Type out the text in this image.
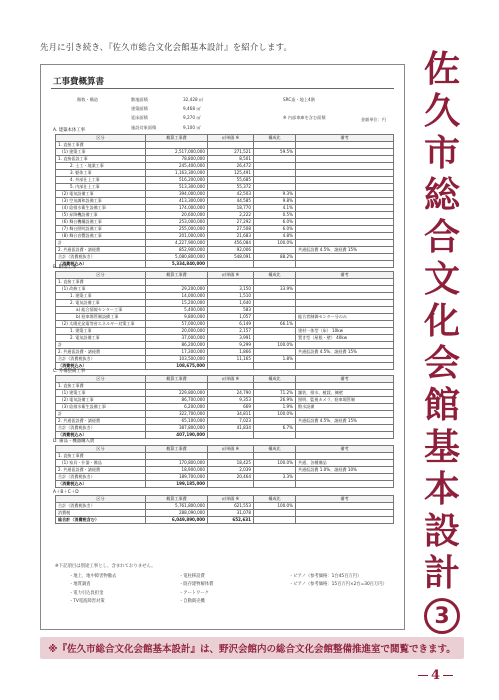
先月に引き続き、『佐久市総合文化会館基本設計』を紹介します。
佐
久
市
総
合
文
化
会
館
基
本
設
計
3
工事費概算書
階数・構造	敷地面積	32,428 ㎡	SRC造・地上4階
建築面積	9,468 ㎡
延床面積	9,270 ㎡	※ 内部車庫を含む面積
施設対象面積	9,100 ㎡
金額単位：円
※下記項目は別途工事とし、含まれておりません。
・地上、地中障害物撤去	・電柱移設費	・ピアノ（参考価格：1台45百万円）
・地質調査	・既存建物解体費	・ピアノ（参考価格：15百万円×2台=30百万円）
・電力引込負担金	・アートワーク
・TV電波障害対策	・自動販売機
A. 建築本体工事
区分	概算工事費	㎡単価 ※	構成比	備考
1. 直接工事費				
(1) 建築工事	2,517,000,000	271,521	59.5%	
1. 直接仮設工事	78,800,000	8,501		
2. 土工・地業工事	245,400,000	26,472		
3. 躯体工事	1,163,300,000	125,491		
4. 外部仕上工事	516,200,000	55,685		
5. 内部仕上工事	513,300,000	55,372		
(2) 電気設備工事	394,000,000	42,503	9.3%	
(3) 空気調和設備工事	413,300,000	44,585	9.8%	
(4) 給排水衛生設備工事	174,000,000	18,770	4.1%	
(5) 昇降機設備工事	20,600,000	2,222	0.5%	
(6) 舞台機構設備工事	253,000,000	27,292	6.0%	
(7) 舞台照明設備工事	255,000,000	27,508	6.0%	
(8) 舞台音響設備工事	201,000,000	21,683	4.8%	
計	4,227,900,000	456,084	100.0%	
2. 共通仮設費・諸経費	852,900,000	92,006		共通仮設費 4.5%、諸経費 15%
合計（消費税抜き）	5,080,800,000	548,091	88.2%	
（消費税込み）	5,334,840,000			
B. 附帯工事
区分	概算工事費	㎡単価 ※	構成比	備考
1. 直接工事費				
(1) 改修工事	29,200,000	3,150	33.9%	
1. 建築工事	14,000,000	1,510		
2. 電気設備工事	15,200,000	1,640		
a) 総合情報センター工事	5,400,000	583		
b) 駐車場管制設備工事	9,800,000	1,057		総合者制御センター分のみ
(2) 太陽光発電等省エネルギー対策工事	57,000,000	6,149	66.1%	
1. 建築工事	20,000,000	2,157		建材一体型（床） 10kw
2. 電気設備工事	37,000,000	3,991		置き型（屋根・壁） 40kw
計	86,200,000	9,299	100.0%	
2. 共通仮設費・諸経費	17,300,000	1,866		共通仮設費 4.5%、諸経費 15%
合計（消費税抜き）	103,500,000	11,165	1.8%	
（消費税込み）	108,675,000			
C. 外構整備工事
区分	概算工事費	㎡単価 ※	構成比	備考
1. 直接工事費				
(1) 建築工事	229,800,000	24,790	71.2%	舗装、排水、植栽、擁壁
(2) 電気設備工事	86,700,000	9,353	26.9%	照明、監視カメラ、駐車場管制
(3) 給排水衛生設備工事	6,200,000	669	1.9%	散水設備
計	322,700,000	34,811	100.0%	
2. 共通仮設費・諸経費	65,100,000	7,023		共通仮設費 4.5%、諸経費 15%
合計（消費税抜き）	387,800,000	41,834	6.7%	
（消費税込み）	407,190,000			
D. 備品・機器購入費
区分	概算工事費	㎡単価 ※	構成比	備考
1. 直接工事費				
(1) 家具・什器・備品	170,800,000	18,425	100.0%	共通、各種備品
2. 共通仮設費・諸経費	18,900,000	2,039		共通仮設費 1.0%、諸経費 10%
合計（消費税抜き）	189,700,000	20,464	3.3%	
（消費税込み）	199,185,000			
A＋B＋C＋D
区分	概算工事費	㎡単価 ※	構成比	備考
合計（消費税抜き）	5,761,800,000	621,553	100.0%	
消費税	288,090,000	31,078		
総合計（消費税含む）	6,049,890,000	652,631		
※『佐久市総合文化会館基本設計』は、野沢会館内の総合文化会館整備推進室で閲覧できます。
4
